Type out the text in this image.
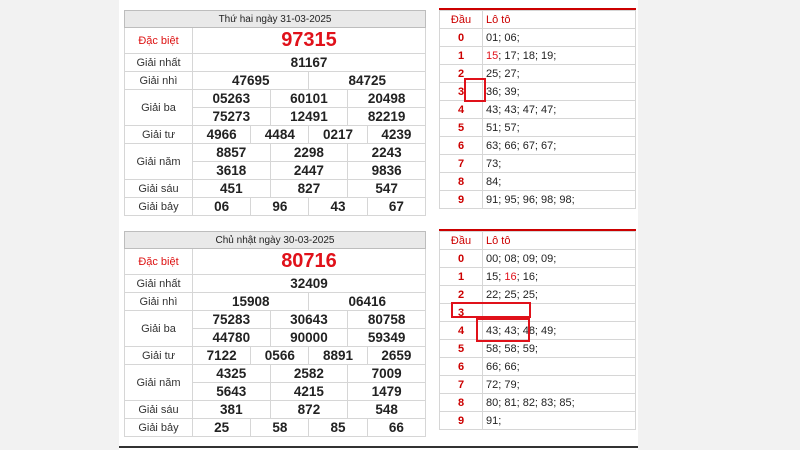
Thứ hai ngày 31-03-2025						
Đặc biệt	97315					
Giải nhất	81167					
Giải nhì	47695			84725		
Giải ba	05263		60101		20498	
	75273		12491		82219	
Giải tư	4966	4484		0217		4239
Giải năm	8857		2298		2243	
	3618		2447		9836	
Giải sáu	451		827		547	
Giải bảy	06	96		43		67
Chủ nhật ngày 30-03-2025						
Đặc biệt	80716					
Giải nhất	32409					
Giải nhì	15908			06416		
Giải ba	75283		30643		80758	
	44780		90000		59349	
Giải tư	7122	0566		8891		2659
Giải năm	4325		2582		7009	
	5643		4215		1479	
Giải sáu	381		872		548	
Giải bảy	25	58		85		66
Đầu	Lô tô
0	01; 06;
1	15; 17; 18; 19;
2	25; 27;
3	36; 39;
4	43; 43; 47; 47;
5	51; 57;
6	63; 66; 67; 67;
7	73;
8	84;
9	91; 95; 96; 98; 98;
Đầu	Lô tô
0	00; 08; 09; 09;
1	15; 16; 16;
2	22; 25; 25;
3	
4	43; 43; 48; 49;
5	58; 58; 59;
6	66; 66;
7	72; 79;
8	80; 81; 82; 83; 85;
9	91;
